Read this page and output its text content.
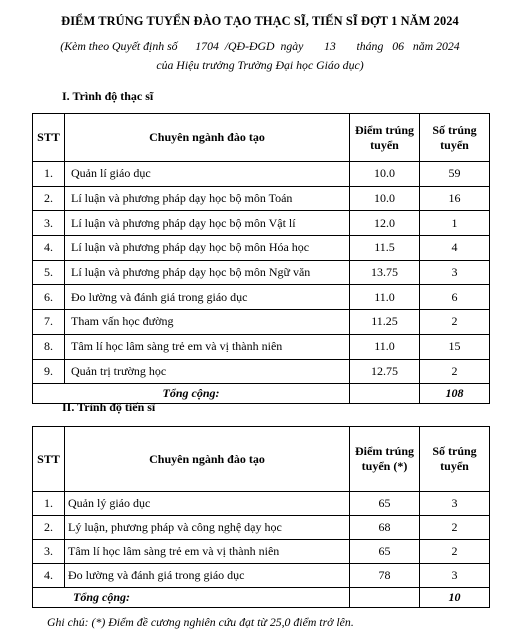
ĐIỂM TRÚNG TUYỂN ĐÀO TẠO THẠC SĨ, TIẾN SĨ ĐỢT 1 NĂM 2024
(Kèm theo Quyết định số      1704  /QĐ-ĐGD  ngày       13       tháng   06   năm 2024
của Hiệu trưởng Trường Đại học Giáo dục)
I. Trình độ thạc sĩ
STT	Chuyên ngành đào tạo	Điểm trúng tuyển	Số trúng tuyển
1.	Quản lí giáo dục	10.0	59
2.	Lí luận và phương pháp dạy học bộ môn Toán	10.0	16
3.	Lí luận và phương pháp dạy học bộ môn Vật lí	12.0	1
4.	Lí luận và phương pháp dạy học bộ môn Hóa học	11.5	4
5.	Lí luận và phương pháp dạy học bộ môn Ngữ văn	13.75	3
6.	Đo lường và đánh giá trong giáo dục	11.0	6
7.	Tham vấn học đường	11.25	2
8.	Tâm lí học lâm sàng trẻ em và vị thành niên	11.0	15
9.	Quản trị trường học	12.75	2
Tổng cộng:			108
II. Trình độ tiến sĩ
STT	Chuyên ngành đào tạo	Điểm trúng tuyển (*)	Số trúng tuyển
1.	Quản lý giáo dục	65	3
2.	Lý luận, phương pháp và công nghệ dạy học	68	2
3.	Tâm lí học lâm sàng trẻ em và vị thành niên	65	2
4.	Đo lường và đánh giá trong giáo dục	78	3
Tổng cộng:			10
Ghi chú: (*) Điểm đề cương nghiên cứu đạt từ 25,0 điểm trở lên.
